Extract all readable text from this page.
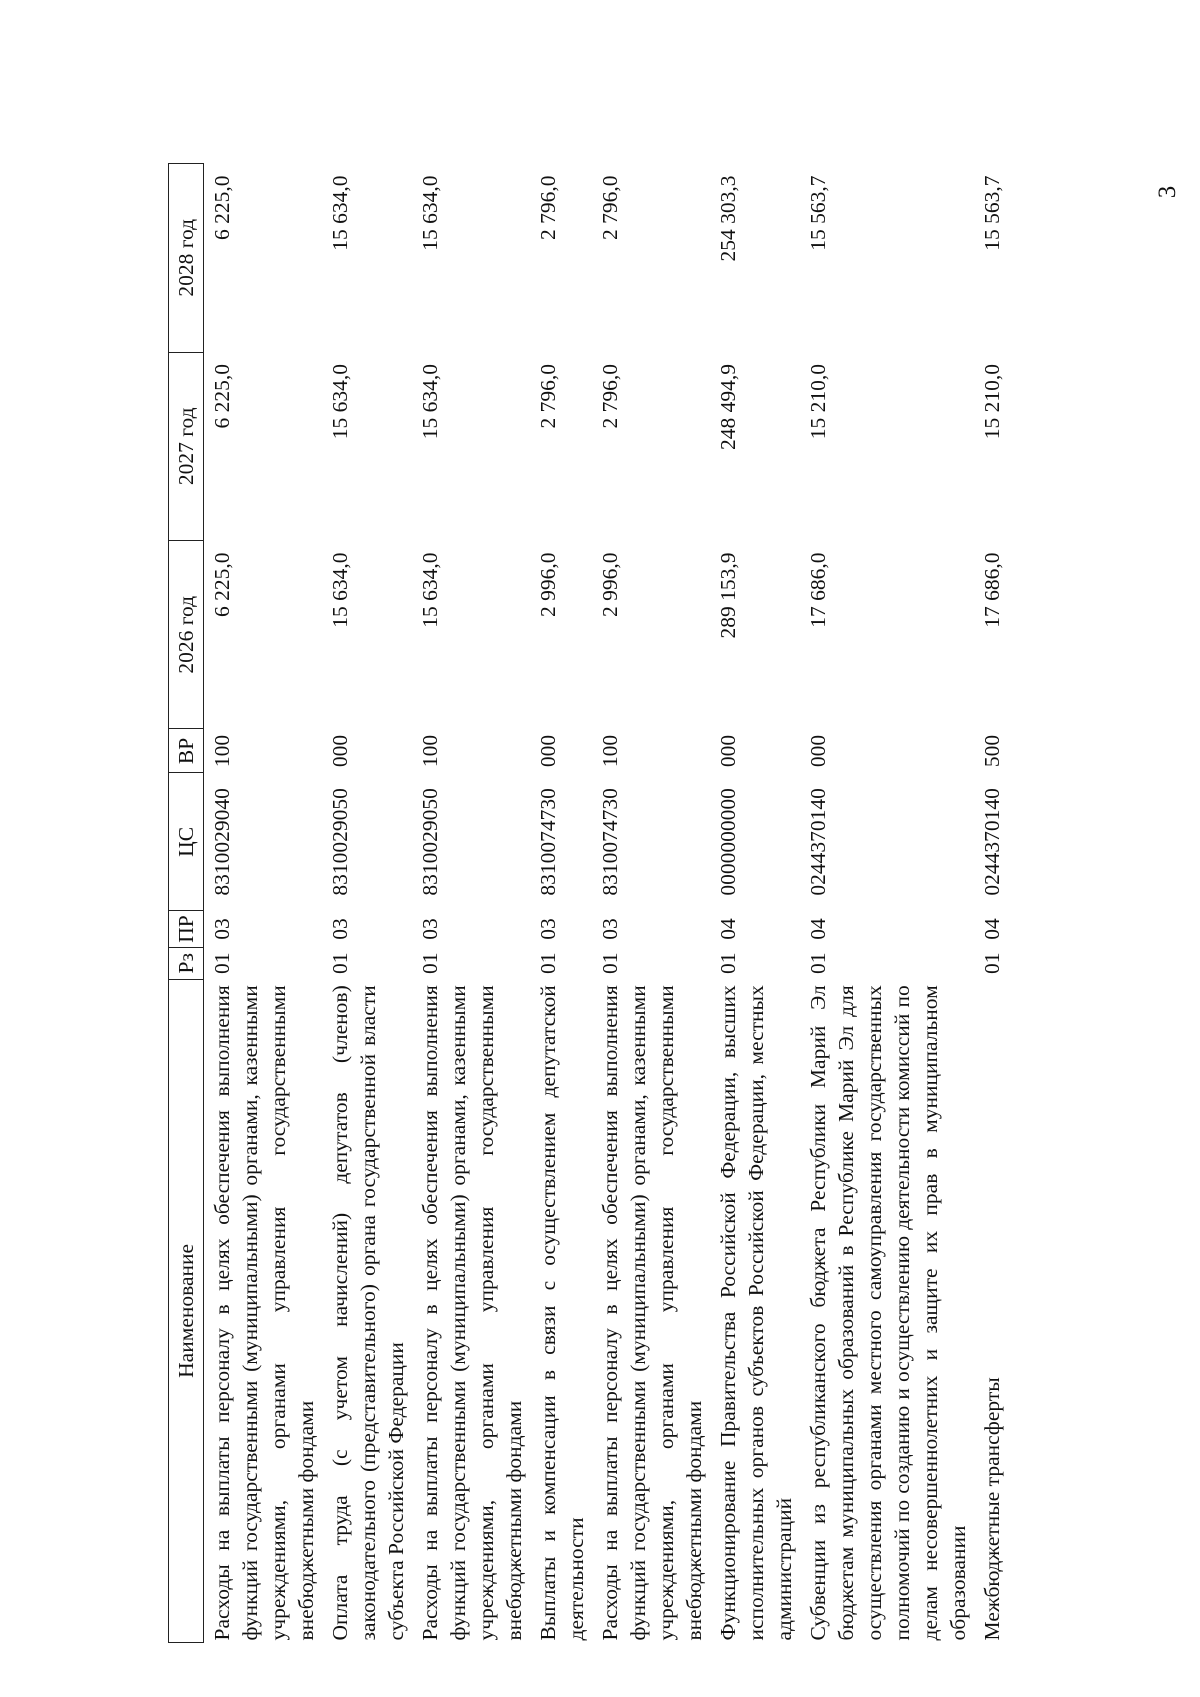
3
Наименование	Рз	ПР	ЦС	ВР	2026 год	2027 год	2028 год
Расходы на выплаты персоналу в целях обеспечения выполнения функций государственными (муниципальными) органами, казенными учреждениями, органами управления государственными внебюджетными фондами	01	03	8310029040	100	6 225,0	6 225,0	6 225,0
Оплата труда (с учетом начислений) депутатов (членов) законодательного (представительного) органа государственной власти субъекта Российской Федерации	01	03	8310029050	000	15 634,0	15 634,0	15 634,0
Расходы на выплаты персоналу в целях обеспечения выполнения функций государственными (муниципальными) органами, казенными учреждениями, органами управления государственными внебюджетными фондами	01	03	8310029050	100	15 634,0	15 634,0	15 634,0
Выплаты и компенсации в связи с осуществлением депутатской деятельности	01	03	8310074730	000	2 996,0	2 796,0	2 796,0
Расходы на выплаты персоналу в целях обеспечения выполнения функций государственными (муниципальными) органами, казенными учреждениями, органами управления государственными внебюджетными фондами	01	03	8310074730	100	2 996,0	2 796,0	2 796,0
Функционирование Правительства Российской Федерации, высших исполнительных органов субъектов Российской Федерации, местных администраций	01	04	0000000000	000	289 153,9	248 494,9	254 303,3
Субвенции из республиканского бюджета Республики Марий Эл бюджетам муниципальных образований в Республике Марий Эл для осуществления органами местного самоуправления государственных полномочий по созданию и осуществлению деятельности комиссий по делам несовершеннолетних и защите их прав в муниципальном образовании	01	04	0244370140	000	17 686,0	15 210,0	15 563,7
Межбюджетные трансферты	01	04	0244370140	500	17 686,0	15 210,0	15 563,7
